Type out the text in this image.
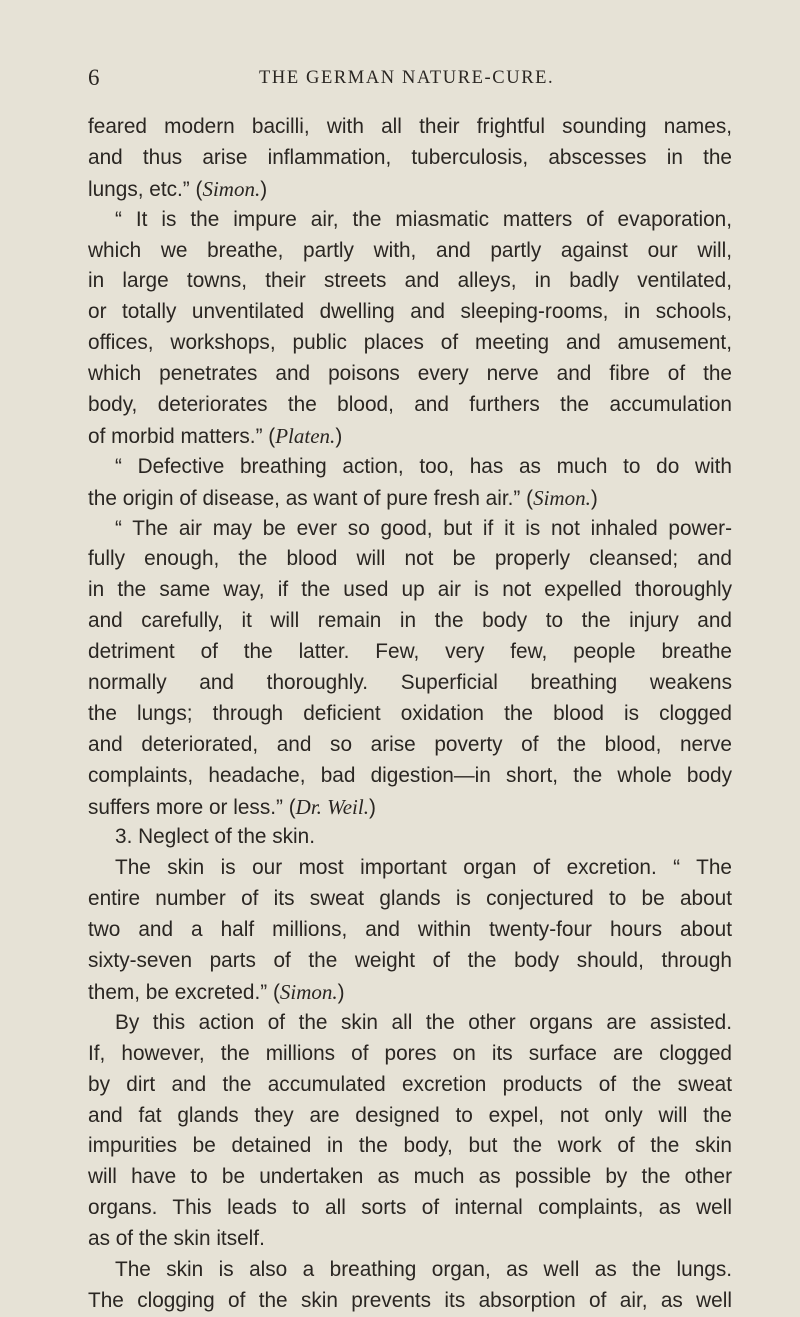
6	THE GERMAN NATURE-CURE.
feared modern bacilli, with all their frightful sounding names,
and thus arise inflammation, tuberculosis, abscesses in the
lungs, etc.” (Simon.)
“ It is the impure air, the miasmatic matters of evaporation,
which we breathe, partly with, and partly against our will,
in large towns, their streets and alleys, in badly ventilated,
or totally unventilated dwelling and sleeping-rooms, in schools,
offices, workshops, public places of meeting and amusement,
which penetrates and poisons every nerve and fibre of the
body, deteriorates the blood, and furthers the accumulation
of morbid matters.” (Platen.)
“ Defective breathing action, too, has as much to do with
the origin of disease, as want of pure fresh air.” (Simon.)
“ The air may be ever so good, but if it is not inhaled power-
fully enough, the blood will not be properly cleansed; and
in the same way, if the used up air is not expelled thoroughly
and carefully, it will remain in the body to the injury and
detriment of the latter. Few, very few, people breathe
normally and thoroughly. Superficial breathing weakens
the lungs; through deficient oxidation the blood is clogged
and deteriorated, and so arise poverty of the blood, nerve
complaints, headache, bad digestion—in short, the whole body
suffers more or less.” (Dr. Weil.)
3. Neglect of the skin.
The skin is our most important organ of excretion. “ The
entire number of its sweat glands is conjectured to be about
two and a half millions, and within twenty-four hours about
sixty-seven parts of the weight of the body should, through
them, be excreted.” (Simon.)
By this action of the skin all the other organs are assisted.
If, however, the millions of pores on its surface are clogged
by dirt and the accumulated excretion products of the sweat
and fat glands they are designed to expel, not only will the
impurities be detained in the body, but the work of the skin
will have to be undertaken as much as possible by the other
organs. This leads to all sorts of internal complaints, as well
as of the skin itself.
The skin is also a breathing organ, as well as the lungs.
The clogging of the skin prevents its absorption of air, as well
